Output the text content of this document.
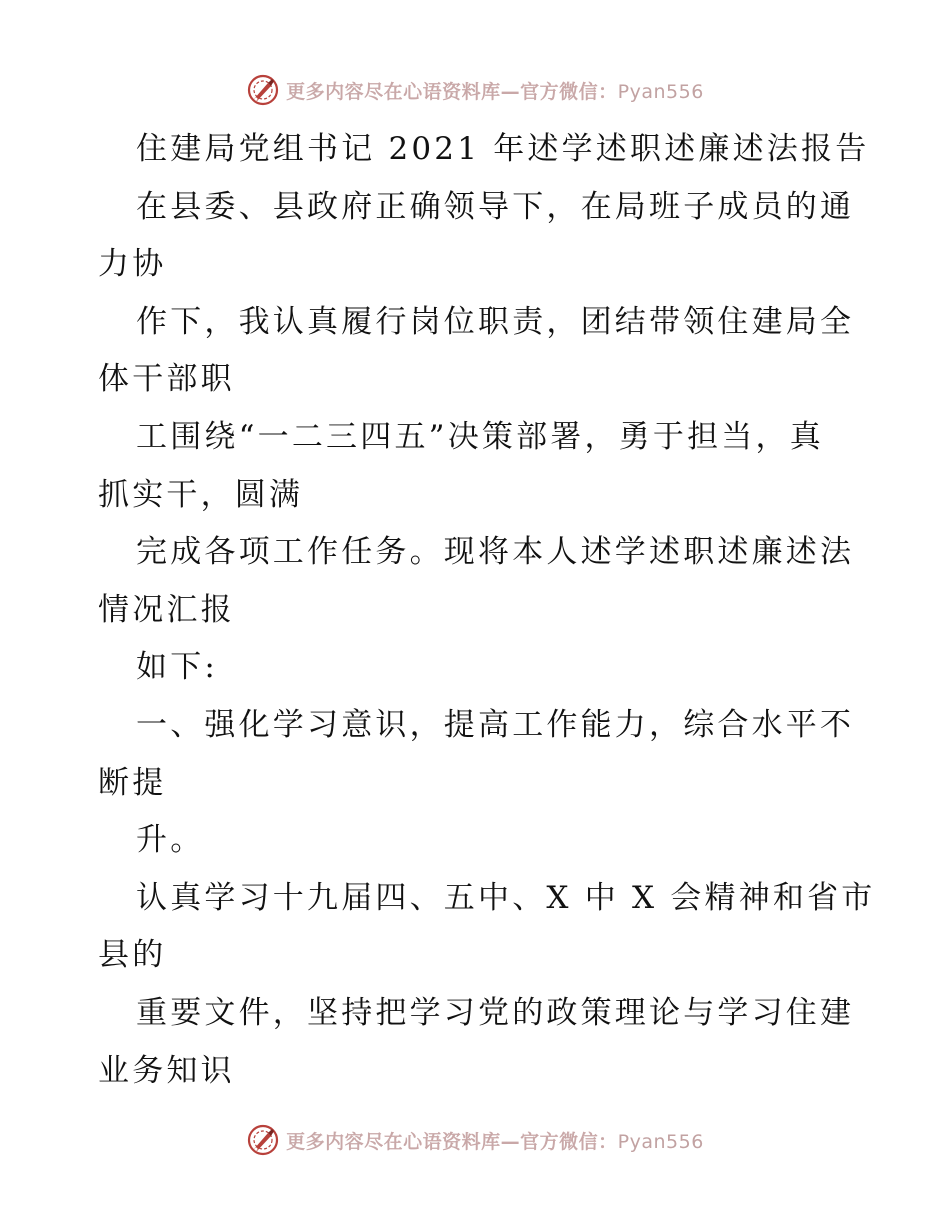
更多内容尽在心语资料库—官方微信：Pyan556
住建局党组书记 2021 年述学述职述廉述法报告
在县委、县政府正确领导下，在局班子成员的通
力协
作下，我认真履行岗位职责，团结带领住建局全
体干部职
工围绕“一二三四五”决策部署，勇于担当，真
抓实干，圆满
完成各项工作任务。现将本人述学述职述廉述法
情况汇报
如下:
一、强化学习意识，提高工作能力，综合水平不
断提
升。
认真学习十九届四、五中、X 中 X 会精神和省市
县的
重要文件，坚持把学习党的政策理论与学习住建
业务知识
更多内容尽在心语资料库—官方微信：Pyan556
